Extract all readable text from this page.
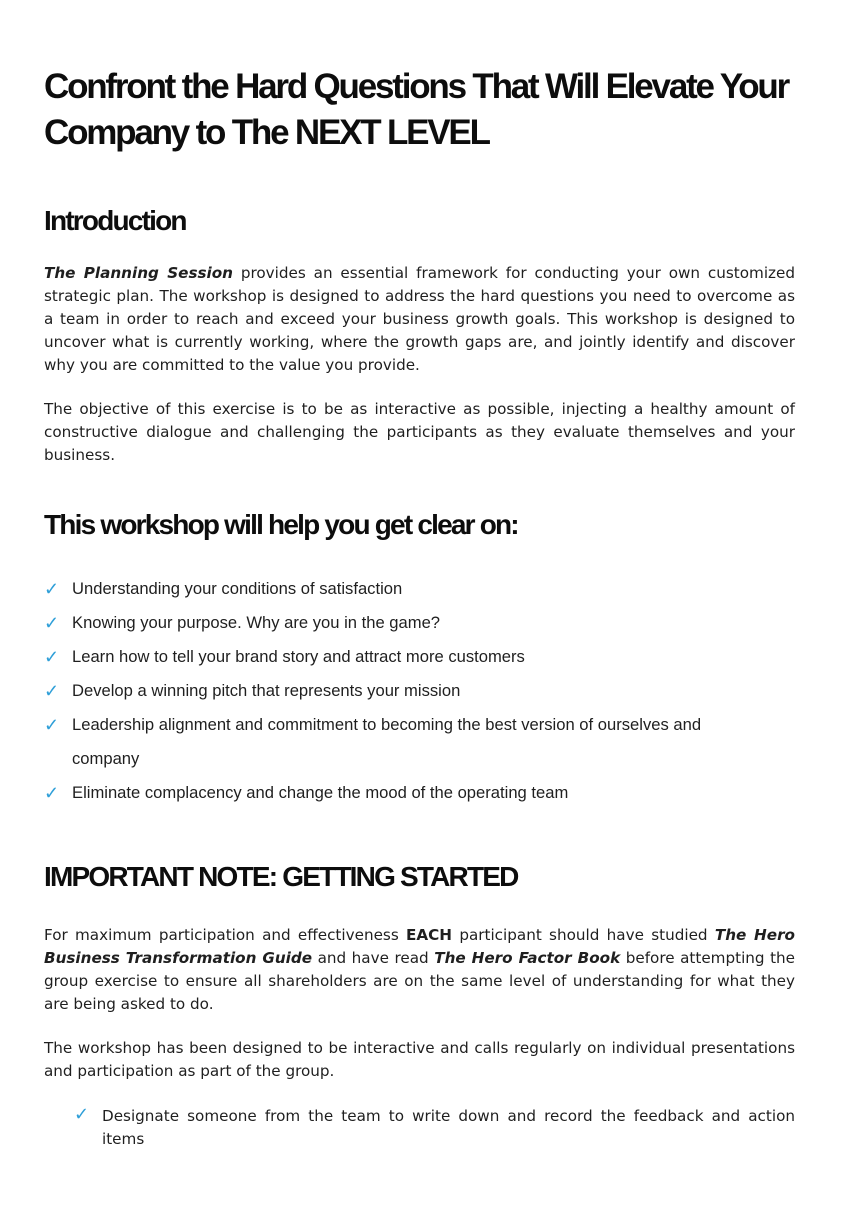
Confront the Hard Questions That Will Elevate Your Company to The NEXT LEVEL
Introduction

The Planning Session provides an essential framework for conducting your own customized strategic plan. The workshop is designed to address the hard questions you need to overcome as a team in order to reach and exceed your business growth goals. This workshop is designed to uncover what is currently working, where the growth gaps are, and jointly identify and discover why you are committed to the value you provide.

The objective of this exercise is to be as interactive as possible, injecting a healthy amount of constructive dialogue and challenging the participants as they evaluate themselves and your business.

This workshop will help you get clear on:
✓ Understanding your conditions of satisfaction
✓ Knowing your purpose. Why are you in the game?
✓ Learn how to tell your brand story and attract more customers
✓ Develop a winning pitch that represents your mission
✓ Leadership alignment and commitment to becoming the best version of ourselves and company
✓ Eliminate complacency and change the mood of the operating team
IMPORTANT NOTE: GETTING STARTED

For maximum participation and effectiveness EACH participant should have studied The Hero Business Transformation Guide and have read The Hero Factor Book before attempting the group exercise to ensure all shareholders are on the same level of understanding for what they are being asked to do.

The workshop has been designed to be interactive and calls regularly on individual presentations and participation as part of the group.

✓ Designate someone from the team to write down and record the feedback and action items
